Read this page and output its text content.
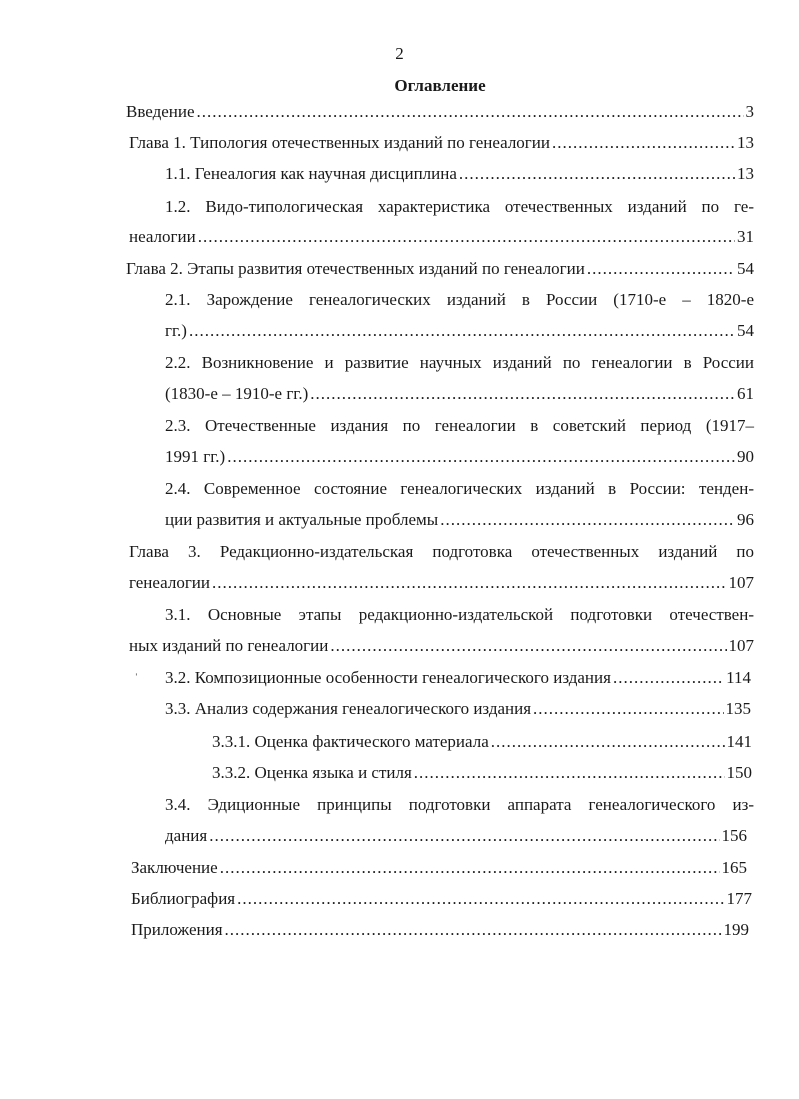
2
Оглавление
Введение .....	3
Глава 1. Типология отечественных изданий по генеалогии .....	13
1.1. Генеалогия как научная дисциплина .....	13
1.2. Видо-типологическая характеристика отечественных изданий по ге-
неалогии .....	31
Глава 2. Этапы развития отечественных изданий по генеалогии .....	54
2.1. Зарождение генеалогических изданий в России (1710-е – 1820-е
гг.) .....	54
2.2. Возникновение и развитие научных изданий по генеалогии в России
(1830-е – 1910-е гг.) .....	61
2.3. Отечественные издания по генеалогии в советский период (1917–
1991 гг.) .....	90
2.4. Современное состояние генеалогических изданий в России: тенден-
ции развития и актуальные проблемы .....	96
Глава 3. Редакционно-издательская подготовка отечественных изданий по
генеалогии .....	107
3.1. Основные этапы редакционно-издательской подготовки отечествен-
ных изданий по генеалогии .....	107
ˈ 3.2. Композиционные особенности генеалогического издания .....	114
3.3. Анализ содержания генеалогического издания .....	135
3.3.1. Оценка фактического материала .....	141
3.3.2. Оценка языка и стиля .....	150
3.4. Эдиционные принципы подготовки аппарата генеалогического из-
дания .....	156
Заключение .....	165
Библиография .....	177
Приложения .....	199
